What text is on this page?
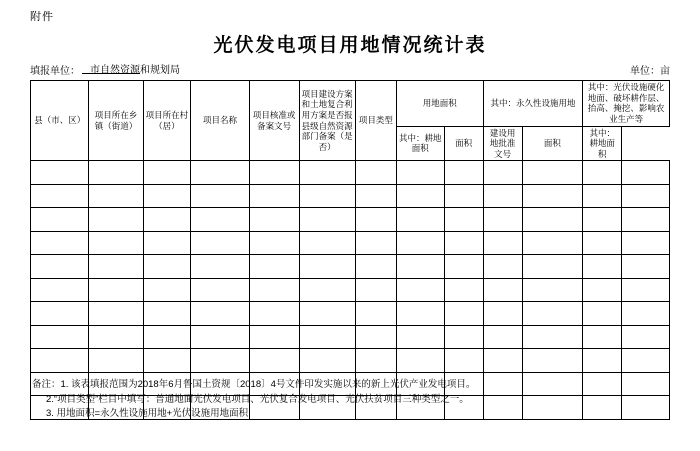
附件
光伏发电项目用地情况统计表
填报单位： 市自然资源和规划局	单位：亩
县（市、区）	项目所在乡镇（街道）	项目所在村（居）	项目名称	项目核准或备案文号	项目建设方案和土地复合利用方案是否报县级自然资源部门备案（是否）	项目类型	用地面积		其中：永久性设施用地		其中：光伏设施硬化地面、破坏耕作层、抬高、掩挖、影响农业生产等	
							其中：耕地面积	面积	建设用地批准文号	面积	其中：耕地面积	

备注：1. 该表填报范围为2018年6月鲁国土资规〔2018〕4号文件印发实施以来的新上光伏产业发电项目。
2.“项目类型”栏目中填写：普通地面光伏发电项目、光伏复合发电项目、光伏扶贫项目三种类型之一。
3. 用地面积=永久性设施用地+光伏设施用地面积
